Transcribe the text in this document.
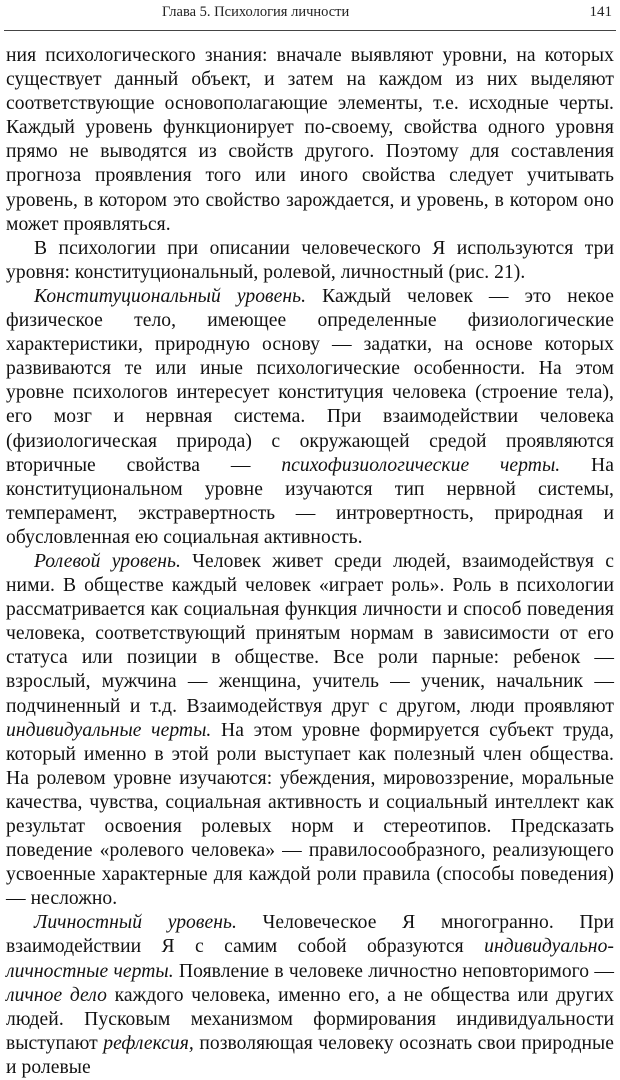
Глава 5. Психология личности	141

ния психологического знания: вначале выявляют уровни, на которых существует данный объект, и затем на каждом из них выделяют соответствующие основополагающие элементы, т.е. исходные черты. Каждый уровень функционирует по-своему, свойства одного уровня прямо не выводятся из свойств другого. Поэтому для составления прогноза проявления того или иного свойства следует учитывать уровень, в котором это свойство зарождается, и уровень, в котором оно может проявляться.

В психологии при описании человеческого Я используются три уровня: конституциональный, ролевой, личностный (рис. 21).

Конституциональный уровень. Каждый человек — это некое физическое тело, имеющее определенные физиологические характеристики, природную основу — задатки, на основе которых развиваются те или иные психологические особенности. На этом уровне психологов интересует конституция человека (строение тела), его мозг и нервная система. При взаимодействии человека (физиологическая природа) с окружающей средой проявляются вторичные свойства — психофизиологические черты. На конституциональном уровне изучаются тип нервной системы, темперамент, экстравертность — интровертность, природная и обусловленная ею социальная активность.

Ролевой уровень. Человек живет среди людей, взаимодействуя с ними. В обществе каждый человек «играет роль». Роль в психологии рассматривается как социальная функция личности и способ поведения человека, соответствующий принятым нормам в зависимости от его статуса или позиции в обществе. Все роли парные: ребенок — взрослый, мужчина — женщина, учитель — ученик, начальник — подчиненный и т.д. Взаимодействуя друг с другом, люди проявляют индивидуальные черты. На этом уровне формируется субъект труда, который именно в этой роли выступает как полезный член общества. На ролевом уровне изучаются: убеждения, мировоззрение, моральные качества, чувства, социальная активность и социальный интеллект как результат освоения ролевых норм и стереотипов. Предсказать поведение «ролевого человека» — правилосообразного, реализующего усвоенные характерные для каждой роли правила (способы поведения) — несложно.

Личностный уровень. Человеческое Я многогранно. При взаимодействии Я с самим собой образуются индивидуально-личностные черты. Появление в человеке личностно неповторимого — личное дело каждого человека, именно его, а не общества или других людей. Пусковым механизмом формирования индивидуальности выступают рефлексия, позволяющая человеку осознать свои природные и ролевые
